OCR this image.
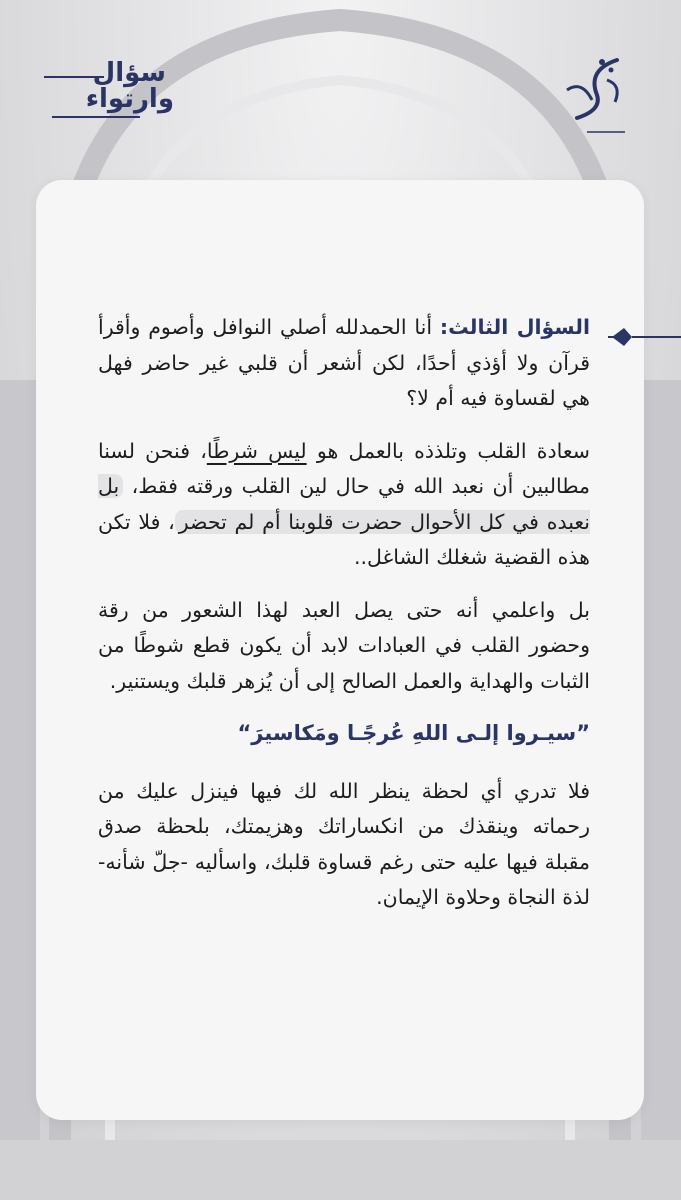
سؤال
وارتواء

السؤال الثالث: أنا الحمدلله أصلي النوافل وأصوم وأقرأ قرآن ولا أؤذي أحدًا، لكن أشعر أن قلبي غير حاضر فهل هي لقساوة فيه أم لا؟

سعادة القلب وتلذذه بالعمل هو ليس شرطًا، فنحن لسنا مطالبين أن نعبد الله في حال لين القلب ورقته فقط، بل نعبده في كل الأحوال حضرت قلوبنا أم لم تحضر، فلا تكن هذه القضية شغلك الشاغل..

بل واعلمي أنه حتى يصل العبد لهذا الشعور من رقة وحضور القلب في العبادات لابد أن يكون قطع شوطًا من الثبات والهداية والعمل الصالح إلى أن يُزهر قلبك ويستنير.

”سيـروا إلـى اللهِ عُرجًـا ومَكاسيرَ“

فلا تدري أي لحظة ينظر الله لك فيها فينزل عليك من رحماته وينقذك من انكساراتك وهزيمتك، بلحظة صدق مقبلة فيها عليه حتى رغم قساوة قلبك، واسأليه -جلّ شأنه- لذة النجاة وحلاوة الإيمان.
